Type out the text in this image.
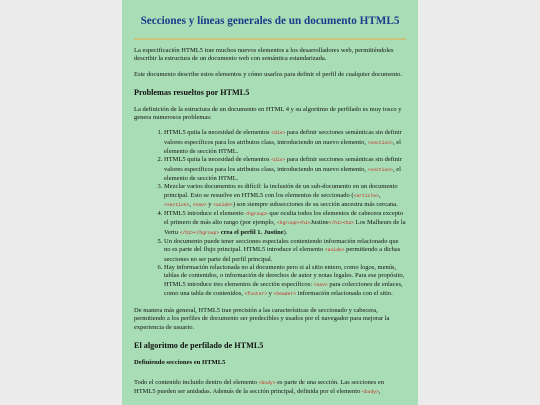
Secciones y líneas generales de un documento HTML5

La especificación HTML5 trae muchos nuevos elementos a los desarrolladores web, permitiéndoles describir la estructura de un documento web con semántica estandarizada.

Este documento describe estos elementos y cómo usarlos para definir el perfil de cualquier documento.

Problemas resueltos por HTML5

La definición de la estructura de un documento en HTML 4 y su algoritmo de perfilado es muy tosco y genera numerosos problemas:

1. HTML5 quita la necesidad de elementos <div> para definir secciones semánticas sin definir valores específicos para los atributos class, introduciendo un nuevo elemento, <section>, el elemento de sección HTML.
2. HTML5 quita la necesidad de elementos <div> para definir secciones semánticas sin definir valores específicos para los atributos class, introduciendo un nuevo elemento, <section>, el elemento de sección HTML.
3. Mezclar varios documentos es difícil: la inclusión de un sub-documento en un documento principal. Esto se resuelve en HTML5 con los elementos de seccionado (<article>, <section>, <nav> y <aside>) son siempre subsecciones de su sección ancestra más cercana.
4. HTML5 introduce el elemento <hgroup> que oculta todos los elementos de cabecera excepto el primero de más alto rango (por ejemplo, <hgroup><h1>Justine</h1><h2> Los Malheurs de la Vertu </h2></hgroup> crea el perfil 1. Justine).
5. Un documento puede tener secciones especiales conteniendo información relacionado que no es parte del flujo principal. HTML5 introduce el elemento <aside> permitiendo a dichas secciones no ser parte del perfil principal.
6. Hay información relacionada no al documento pero si al sitio entero, como logos, menús, tablas de contenidos, o información de derechos de autor y notas legales. Para ese propósito, HTML5 introduce tres elementos de sección específicos: <nav> para colecciones de enlaces, como una tabla de contenidos, <footer> y <header> información relacionada con el sitio.

De manera más general, HTML5 trae precisión a las características de seccionado y cabecera, permitiendo a los perfiles de documento ser predecibles y usados por el navegador para mejorar la experiencia de usuario.

El algoritmo de perfilado de HTML5
Definiendo secciones en HTML5

Todo el contenido incluido dentro del elemento <body> es parte de una sección. Las secciones en HTML5 pueden ser anidadas. Además de la sección principal, definida por el elemento <body>,
